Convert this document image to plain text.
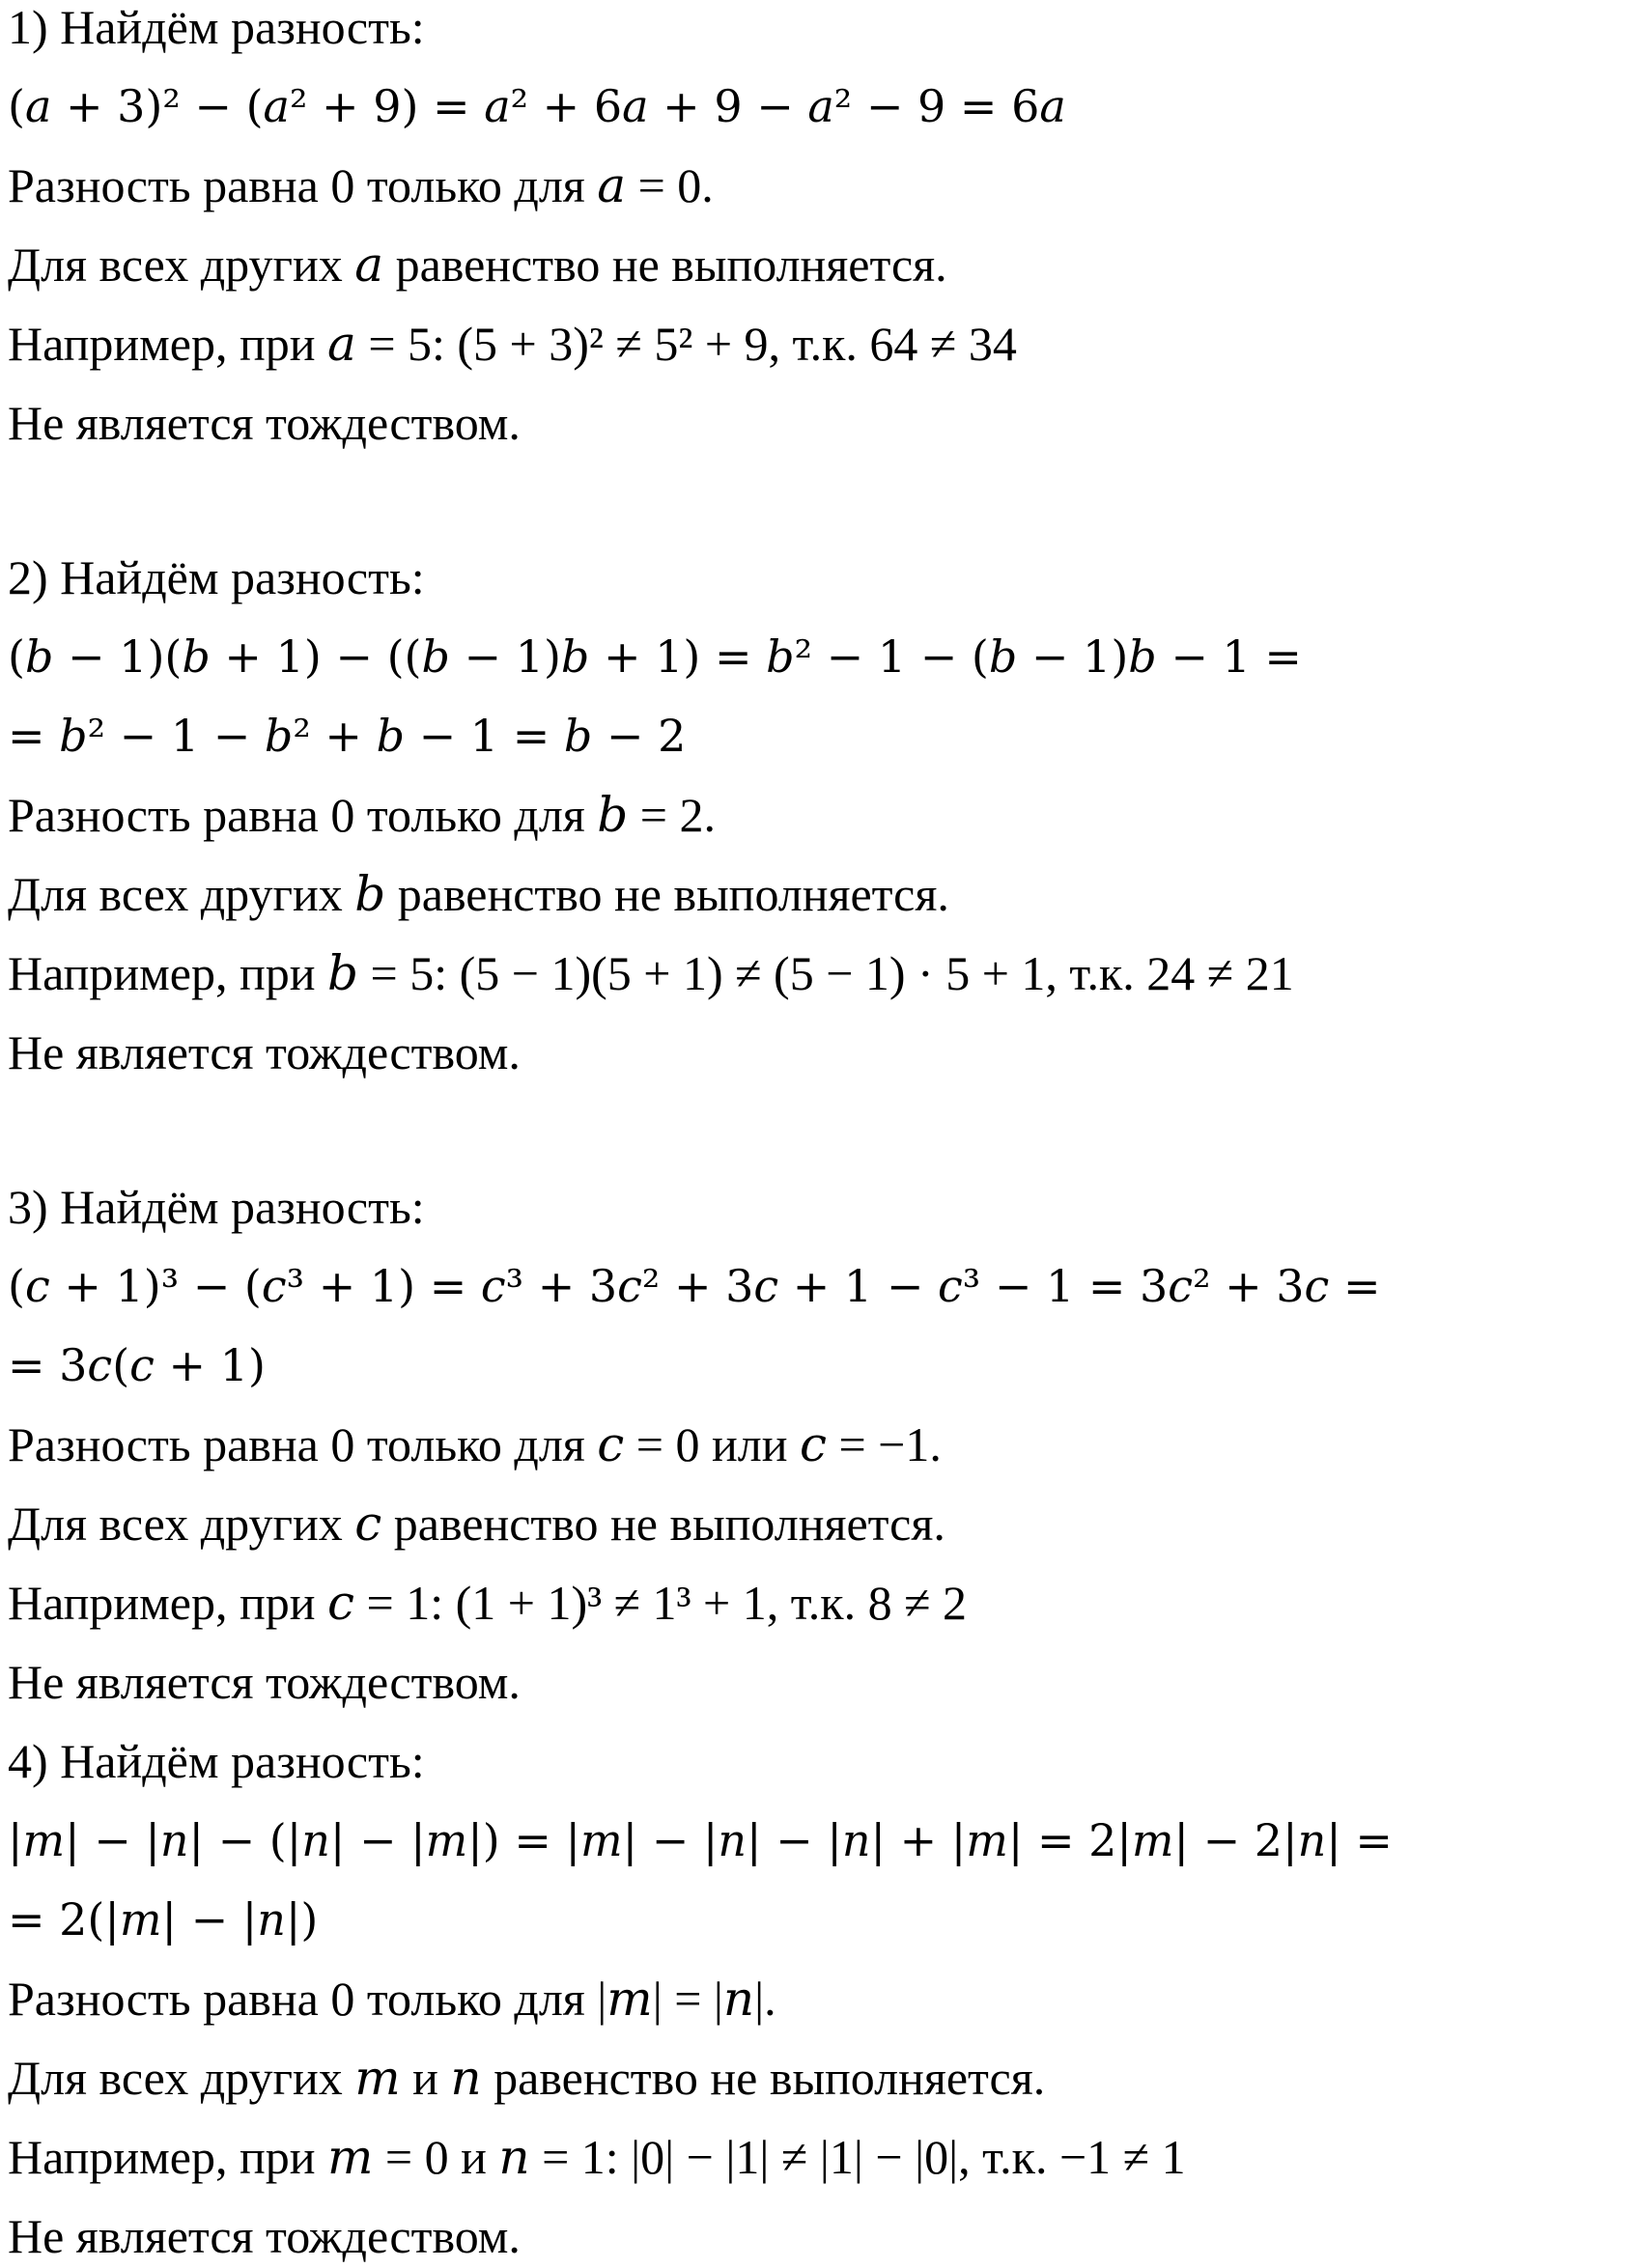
1) Найдём разность:
(𝑎 + 3)² − (𝑎² + 9) = 𝑎² + 6𝑎 + 9 − 𝑎² − 9 = 6𝑎
Разность равна 0 только для 𝑎 = 0.
Для всех других 𝑎 равенство не выполняется.
Например, при 𝑎 = 5: (5 + 3)² ≠ 5² + 9, т.к. 64 ≠ 34
Не является тождеством.
2) Найдём разность:
(𝑏 − 1)(𝑏 + 1) − ((𝑏 − 1)𝑏 + 1) = 𝑏² − 1 − (𝑏 − 1)𝑏 − 1 =
= 𝑏² − 1 − 𝑏² + 𝑏 − 1 = 𝑏 − 2
Разность равна 0 только для 𝑏 = 2.
Для всех других 𝑏 равенство не выполняется.
Например, при 𝑏 = 5: (5 − 1)(5 + 1) ≠ (5 − 1) · 5 + 1, т.к. 24 ≠ 21
Не является тождеством.
3) Найдём разность:
(𝑐 + 1)³ − (𝑐³ + 1) = 𝑐³ + 3𝑐² + 3𝑐 + 1 − 𝑐³ − 1 = 3𝑐² + 3𝑐 =
= 3𝑐(𝑐 + 1)
Разность равна 0 только для 𝑐 = 0 или 𝑐 = −1.
Для всех других 𝑐 равенство не выполняется.
Например, при 𝑐 = 1: (1 + 1)³ ≠ 1³ + 1, т.к. 8 ≠ 2
Не является тождеством.
4) Найдём разность:
|𝑚| − |𝑛| − (|𝑛| − |𝑚|) = |𝑚| − |𝑛| − |𝑛| + |𝑚| = 2|𝑚| − 2|𝑛| =
= 2(|𝑚| − |𝑛|)
Разность равна 0 только для |𝑚| = |𝑛|.
Для всех других 𝑚 и 𝑛 равенство не выполняется.
Например, при 𝑚 = 0 и 𝑛 = 1: |0| − |1| ≠ |1| − |0|, т.к. −1 ≠ 1
Не является тождеством.
